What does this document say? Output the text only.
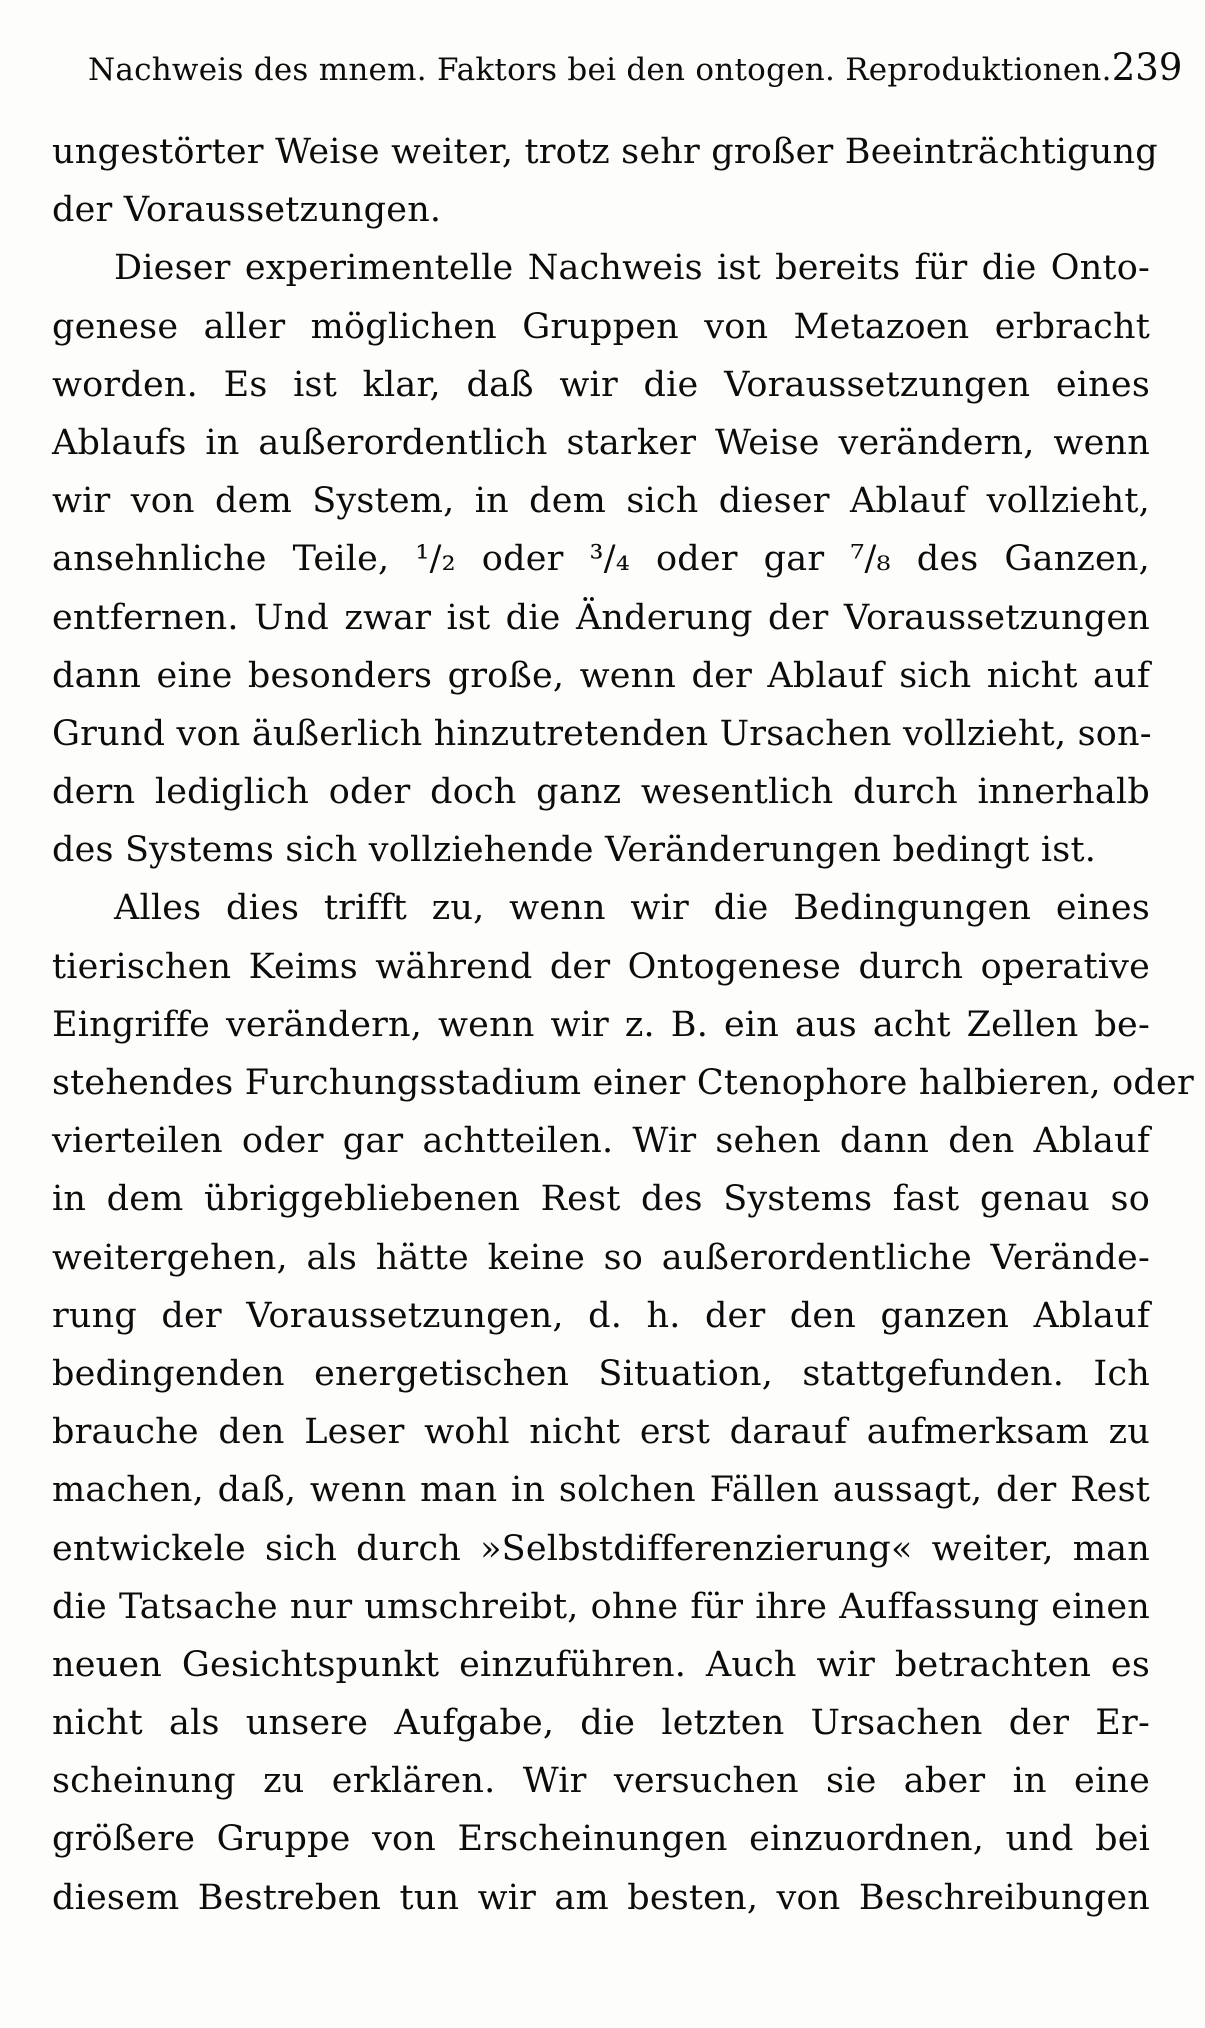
Nachweis des mnem. Faktors bei den ontogen. Reproduktionen. 239
ungestörter Weise weiter, trotz sehr großer Beeinträchtigung
der Voraussetzungen.
Dieser experimentelle Nachweis ist bereits für die Onto-
genese aller möglichen Gruppen von Metazoen erbracht
worden. Es ist klar, daß wir die Voraussetzungen eines
Ablaufs in außerordentlich starker Weise verändern, wenn
wir von dem System, in dem sich dieser Ablauf vollzieht,
ansehnliche Teile, ¹/₂ oder ³/₄ oder gar ⁷/₈ des Ganzen,
entfernen. Und zwar ist die Änderung der Voraussetzungen
dann eine besonders große, wenn der Ablauf sich nicht auf
Grund von äußerlich hinzutretenden Ursachen vollzieht, son-
dern lediglich oder doch ganz wesentlich durch innerhalb
des Systems sich vollziehende Veränderungen bedingt ist.
Alles dies trifft zu, wenn wir die Bedingungen eines
tierischen Keims während der Ontogenese durch operative
Eingriffe verändern, wenn wir z. B. ein aus acht Zellen be-
stehendes Furchungsstadium einer Ctenophore halbieren, oder
vierteilen oder gar achtteilen. Wir sehen dann den Ablauf
in dem übriggebliebenen Rest des Systems fast genau so
weitergehen, als hätte keine so außerordentliche Verände-
rung der Voraussetzungen, d. h. der den ganzen Ablauf
bedingenden energetischen Situation, stattgefunden. Ich
brauche den Leser wohl nicht erst darauf aufmerksam zu
machen, daß, wenn man in solchen Fällen aussagt, der Rest
entwickele sich durch »Selbstdifferenzierung« weiter, man
die Tatsache nur umschreibt, ohne für ihre Auffassung einen
neuen Gesichtspunkt einzuführen. Auch wir betrachten es
nicht als unsere Aufgabe, die letzten Ursachen der Er-
scheinung zu erklären. Wir versuchen sie aber in eine
größere Gruppe von Erscheinungen einzuordnen, und bei
diesem Bestreben tun wir am besten, von Beschreibungen
